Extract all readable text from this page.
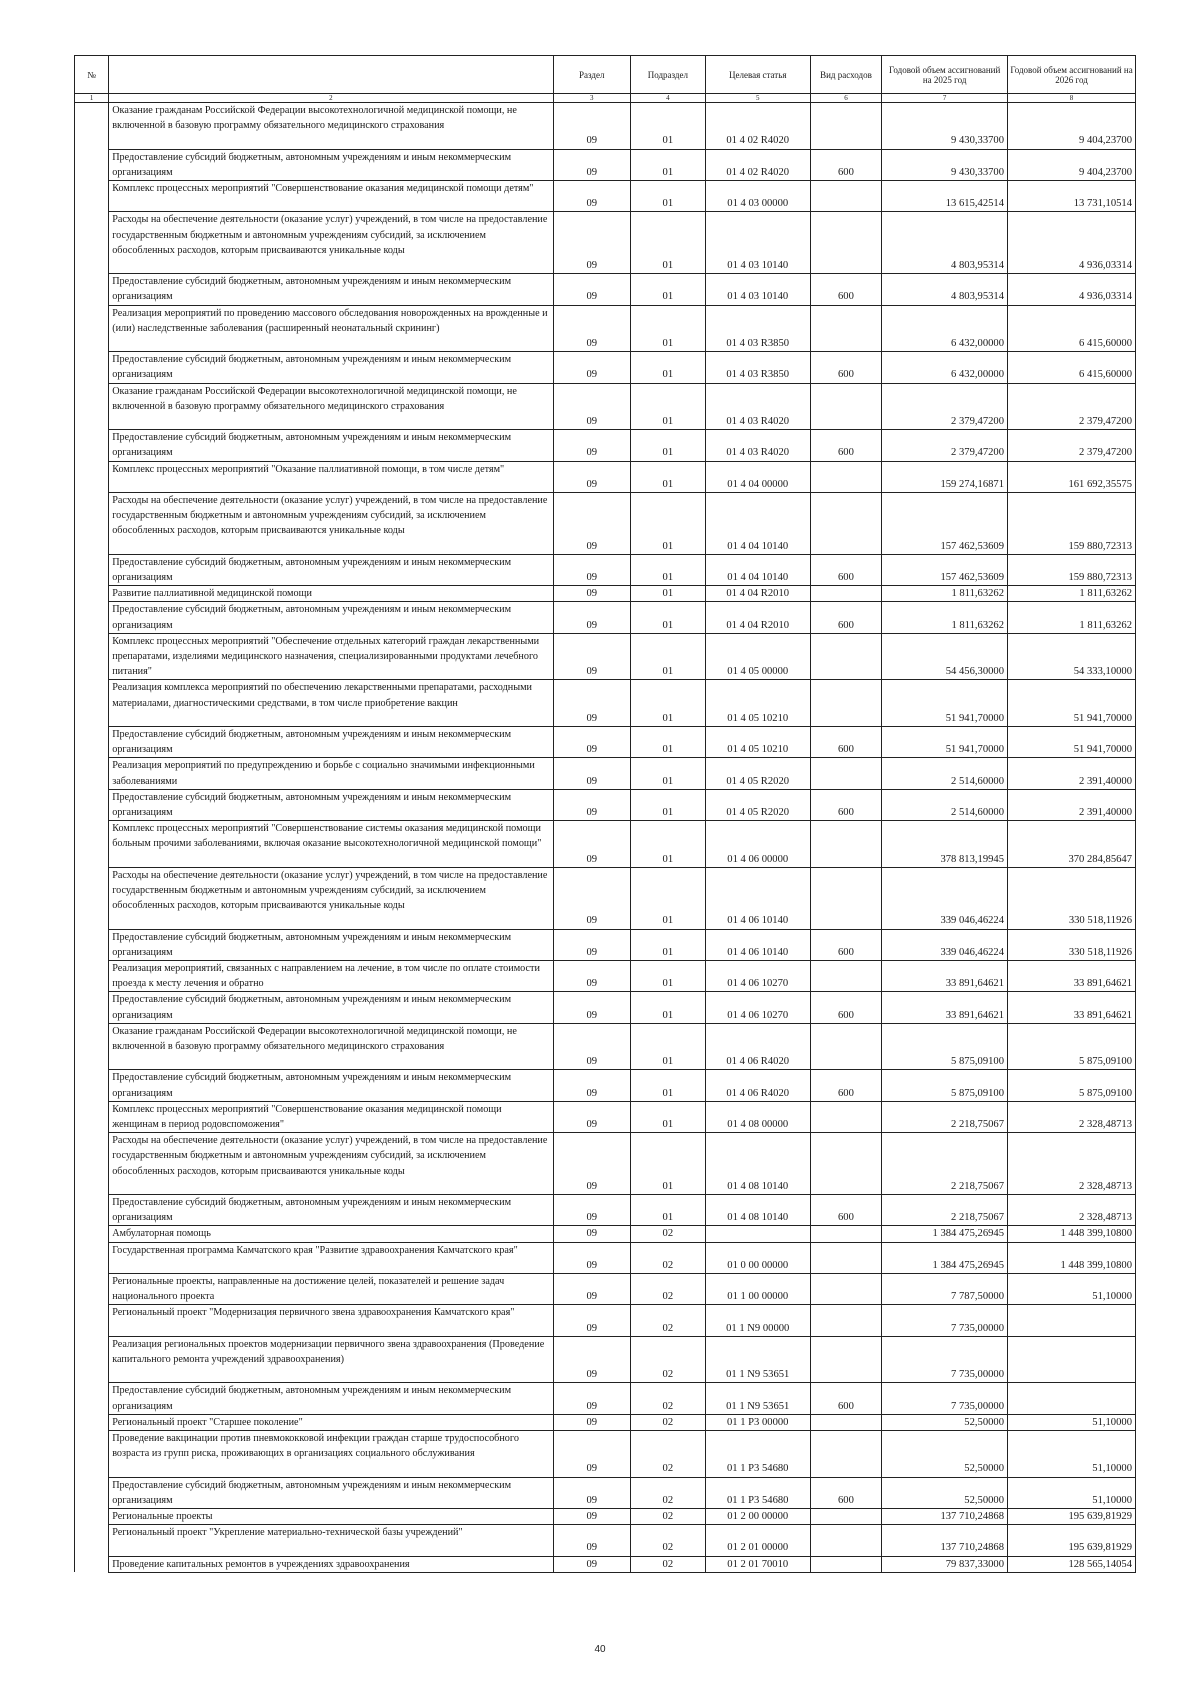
№		Раздел	Подраздел	Целевая статья	Вид расходов	Годовой объем ассигнований на 2025 год	Годовой объем ассигнований на 2026 год
1	2	3	4	5	6	7	8
	Оказание гражданам Российской Федерации высокотехнологичной медицинской помощи, не включенной в базовую программу обязательного медицинского страхования	09	01	01 4 02 R4020		9 430,33700	9 404,23700
	Предоставление субсидий бюджетным, автономным учреждениям и иным некоммерческим организациям	09	01	01 4 02 R4020	600	9 430,33700	9 404,23700
	Комплекс процессных мероприятий "Совершенствование оказания медицинской помощи детям"	09	01	01 4 03 00000		13 615,42514	13 731,10514
	Расходы на обеспечение деятельности (оказание услуг) учреждений, в том числе на предоставление государственным бюджетным и автономным учреждениям субсидий, за исключением обособленных расходов, которым присваиваются уникальные коды	09	01	01 4 03 10140		4 803,95314	4 936,03314
	Предоставление субсидий бюджетным, автономным учреждениям и иным некоммерческим организациям	09	01	01 4 03 10140	600	4 803,95314	4 936,03314
	Реализация мероприятий по проведению массового обследования новорожденных на врожденные и (или) наследственные заболевания (расширенный неонатальный скрининг)	09	01	01 4 03 R3850		6 432,00000	6 415,60000
	Предоставление субсидий бюджетным, автономным учреждениям и иным некоммерческим организациям	09	01	01 4 03 R3850	600	6 432,00000	6 415,60000
	Оказание гражданам Российской Федерации высокотехнологичной медицинской помощи, не включенной в базовую программу обязательного медицинского страхования	09	01	01 4 03 R4020		2 379,47200	2 379,47200
	Предоставление субсидий бюджетным, автономным учреждениям и иным некоммерческим организациям	09	01	01 4 03 R4020	600	2 379,47200	2 379,47200
	Комплекс процессных мероприятий "Оказание паллиативной помощи, в том числе детям"	09	01	01 4 04 00000		159 274,16871	161 692,35575
	Расходы на обеспечение деятельности (оказание услуг) учреждений, в том числе на предоставление государственным бюджетным и автономным учреждениям субсидий, за исключением обособленных расходов, которым присваиваются уникальные коды	09	01	01 4 04 10140		157 462,53609	159 880,72313
	Предоставление субсидий бюджетным, автономным учреждениям и иным некоммерческим организациям	09	01	01 4 04 10140	600	157 462,53609	159 880,72313
	Развитие паллиативной медицинской помощи	09	01	01 4 04 R2010		1 811,63262	1 811,63262
	Предоставление субсидий бюджетным, автономным учреждениям и иным некоммерческим организациям	09	01	01 4 04 R2010	600	1 811,63262	1 811,63262
	Комплекс процессных мероприятий "Обеспечение отдельных категорий граждан лекарственными препаратами, изделиями медицинского назначения, специализированными продуктами лечебного питания"	09	01	01 4 05 00000		54 456,30000	54 333,10000
	Реализация комплекса мероприятий по обеспечению лекарственными препаратами, расходными материалами, диагностическими средствами, в том числе приобретение вакцин	09	01	01 4 05 10210		51 941,70000	51 941,70000
	Предоставление субсидий бюджетным, автономным учреждениям и иным некоммерческим организациям	09	01	01 4 05 10210	600	51 941,70000	51 941,70000
	Реализация мероприятий по предупреждению и борьбе с социально значимыми инфекционными заболеваниями	09	01	01 4 05 R2020		2 514,60000	2 391,40000
	Предоставление субсидий бюджетным, автономным учреждениям и иным некоммерческим организациям	09	01	01 4 05 R2020	600	2 514,60000	2 391,40000
	Комплекс процессных мероприятий "Совершенствование системы оказания медицинской помощи больным прочими заболеваниями, включая оказание высокотехнологичной медицинской помощи"	09	01	01 4 06 00000		378 813,19945	370 284,85647
	Расходы на обеспечение деятельности (оказание услуг) учреждений, в том числе на предоставление государственным бюджетным и автономным учреждениям субсидий, за исключением обособленных расходов, которым присваиваются уникальные коды	09	01	01 4 06 10140		339 046,46224	330 518,11926
	Предоставление субсидий бюджетным, автономным учреждениям и иным некоммерческим организациям	09	01	01 4 06 10140	600	339 046,46224	330 518,11926
	Реализация мероприятий, связанных с направлением на лечение, в том числе по оплате стоимости проезда к месту лечения и обратно	09	01	01 4 06 10270		33 891,64621	33 891,64621
	Предоставление субсидий бюджетным, автономным учреждениям и иным некоммерческим организациям	09	01	01 4 06 10270	600	33 891,64621	33 891,64621
	Оказание гражданам Российской Федерации высокотехнологичной медицинской помощи, не включенной в базовую программу обязательного медицинского страхования	09	01	01 4 06 R4020		5 875,09100	5 875,09100
	Предоставление субсидий бюджетным, автономным учреждениям и иным некоммерческим организациям	09	01	01 4 06 R4020	600	5 875,09100	5 875,09100
	Комплекс процессных мероприятий "Совершенствование оказания медицинской помощи женщинам в период родовспоможения"	09	01	01 4 08 00000		2 218,75067	2 328,48713
	Расходы на обеспечение деятельности (оказание услуг) учреждений, в том числе на предоставление государственным бюджетным и автономным учреждениям субсидий, за исключением обособленных расходов, которым присваиваются уникальные коды	09	01	01 4 08 10140		2 218,75067	2 328,48713
	Предоставление субсидий бюджетным, автономным учреждениям и иным некоммерческим организациям	09	01	01 4 08 10140	600	2 218,75067	2 328,48713
	Амбулаторная помощь	09	02			1 384 475,26945	1 448 399,10800
	Государственная программа Камчатского края "Развитие здравоохранения Камчатского края"	09	02	01 0 00 00000		1 384 475,26945	1 448 399,10800
	Региональные проекты, направленные на достижение целей, показателей и решение задач национального проекта	09	02	01 1 00 00000		7 787,50000	51,10000
	Региональный проект "Модернизация первичного звена здравоохранения Камчатского края"	09	02	01 1 N9 00000		7 735,00000	
	Реализация региональных проектов модернизации первичного звена здравоохранения (Проведение капитального ремонта учреждений здравоохранения)	09	02	01 1 N9 53651		7 735,00000	
	Предоставление субсидий бюджетным, автономным учреждениям и иным некоммерческим организациям	09	02	01 1 N9 53651	600	7 735,00000	
	Региональный проект "Старшее поколение"	09	02	01 1 P3 00000		52,50000	51,10000
	Проведение вакцинации против пневмококковой инфекции граждан старше трудоспособного возраста из групп риска, проживающих в организациях социального обслуживания	09	02	01 1 P3 54680		52,50000	51,10000
	Предоставление субсидий бюджетным, автономным учреждениям и иным некоммерческим организациям	09	02	01 1 P3 54680	600	52,50000	51,10000
	Региональные проекты	09	02	01 2 00 00000		137 710,24868	195 639,81929
	Региональный проект "Укрепление материально-технической базы учреждений"	09	02	01 2 01 00000		137 710,24868	195 639,81929
	Проведение капитальных ремонтов в учреждениях здравоохранения	09	02	01 2 01 70010		79 837,33000	128 565,14054
40
